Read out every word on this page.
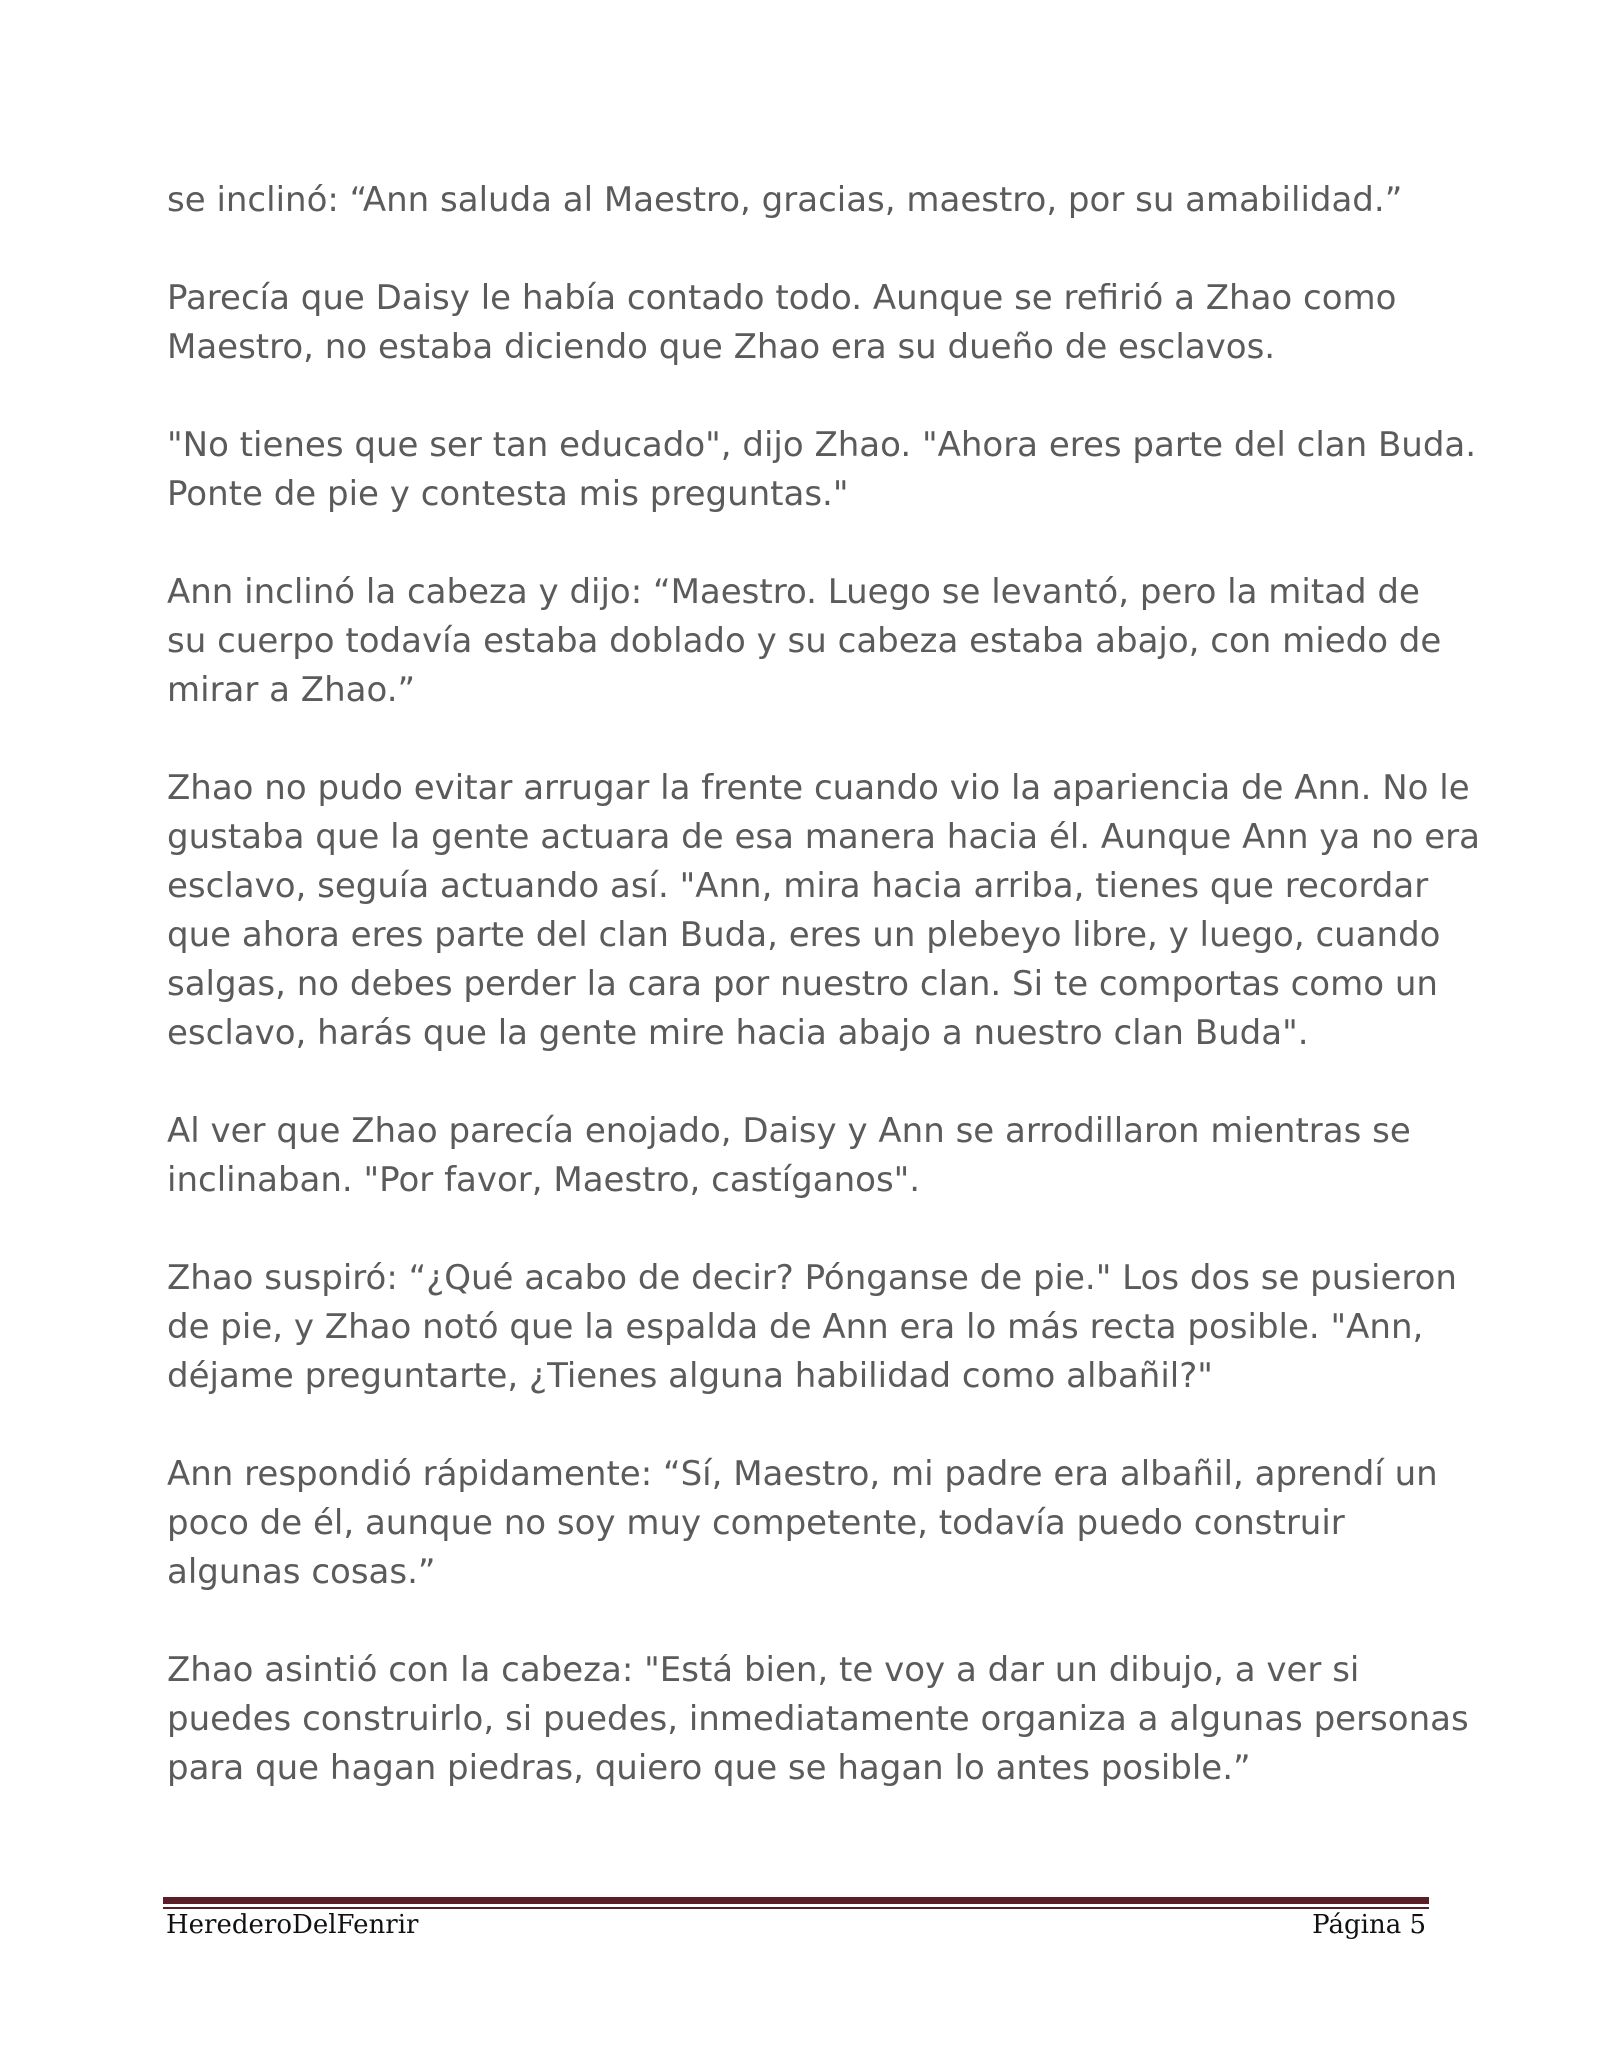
se inclinó: “Ann saluda al Maestro, gracias, maestro, por su amabilidad.”

Parecía que Daisy le había contado todo. Aunque se refirió a Zhao como
Maestro, no estaba diciendo que Zhao era su dueño de esclavos.

"No tienes que ser tan educado", dijo Zhao. "Ahora eres parte del clan Buda.
Ponte de pie y contesta mis preguntas."

Ann inclinó la cabeza y dijo: “Maestro. Luego se levantó, pero la mitad de
su cuerpo todavía estaba doblado y su cabeza estaba abajo, con miedo de
mirar a Zhao.”

Zhao no pudo evitar arrugar la frente cuando vio la apariencia de Ann. No le
gustaba que la gente actuara de esa manera hacia él. Aunque Ann ya no era
esclavo, seguía actuando así. "Ann, mira hacia arriba, tienes que recordar
que ahora eres parte del clan Buda, eres un plebeyo libre, y luego, cuando
salgas, no debes perder la cara por nuestro clan. Si te comportas como un
esclavo, harás que la gente mire hacia abajo a nuestro clan Buda".

Al ver que Zhao parecía enojado, Daisy y Ann se arrodillaron mientras se
inclinaban. "Por favor, Maestro, castíganos".

Zhao suspiró: “¿Qué acabo de decir? Pónganse de pie." Los dos se pusieron
de pie, y Zhao notó que la espalda de Ann era lo más recta posible. "Ann,
déjame preguntarte, ¿Tienes alguna habilidad como albañil?"

Ann respondió rápidamente: “Sí, Maestro, mi padre era albañil, aprendí un
poco de él, aunque no soy muy competente, todavía puedo construir
algunas cosas.”

Zhao asintió con la cabeza: "Está bien, te voy a dar un dibujo, a ver si
puedes construirlo, si puedes, inmediatamente organiza a algunas personas
para que hagan piedras, quiero que se hagan lo antes posible.”

HerederoDelFenrir	Página 5
